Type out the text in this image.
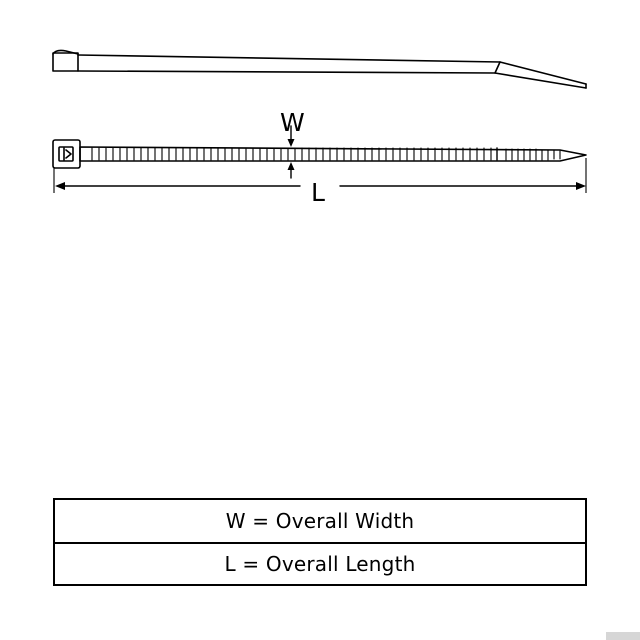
W
L
W = Overall Width
L = Overall Length
